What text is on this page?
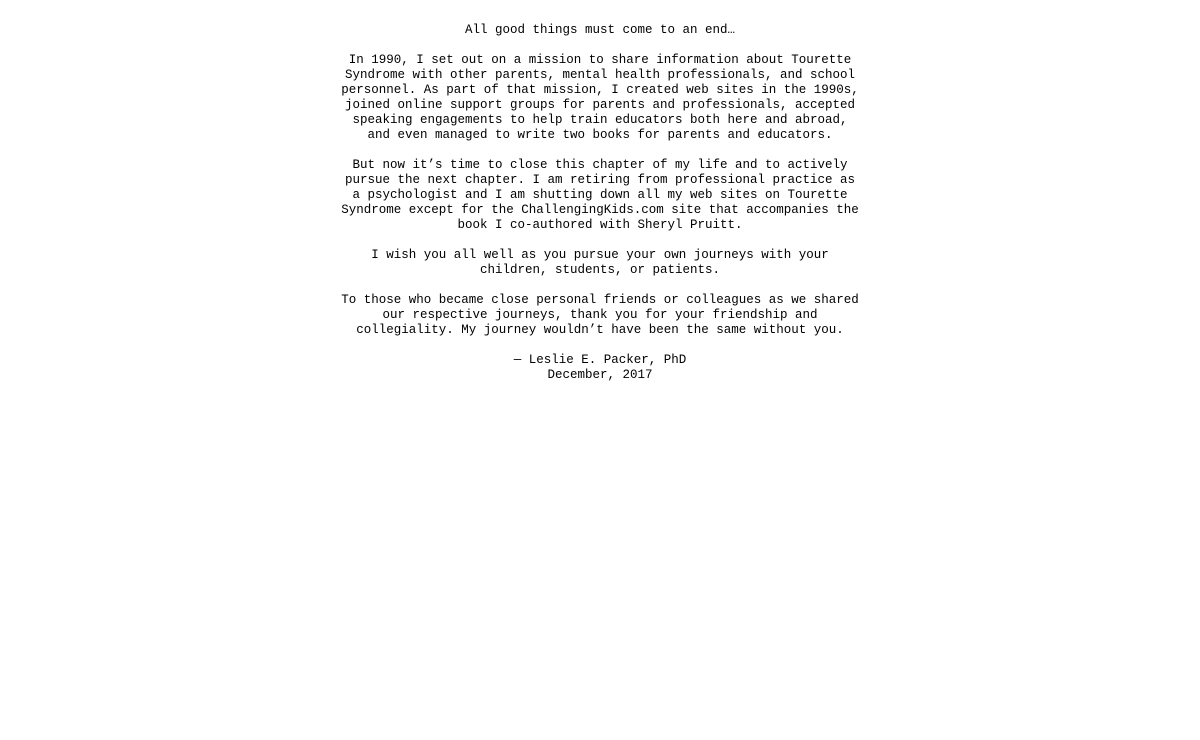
All good things must come to an end…

In 1990, I set out on a mission to share information about Tourette Syndrome with other parents, mental health professionals, and school personnel. As part of that mission, I created web sites in the 1990s, joined online support groups for parents and professionals, accepted speaking engagements to help train educators both here and abroad, and even managed to write two books for parents and educators.

But now it’s time to close this chapter of my life and to actively pursue the next chapter. I am retiring from professional practice as a psychologist and I am shutting down all my web sites on Tourette Syndrome except for the ChallengingKids.com site that accompanies the book I co-authored with Sheryl Pruitt.

I wish you all well as you pursue your own journeys with your children, students, or patients.

To those who became close personal friends or colleagues as we shared our respective journeys, thank you for your friendship and collegiality. My journey wouldn’t have been the same without you.

— Leslie E. Packer, PhD
December, 2017
